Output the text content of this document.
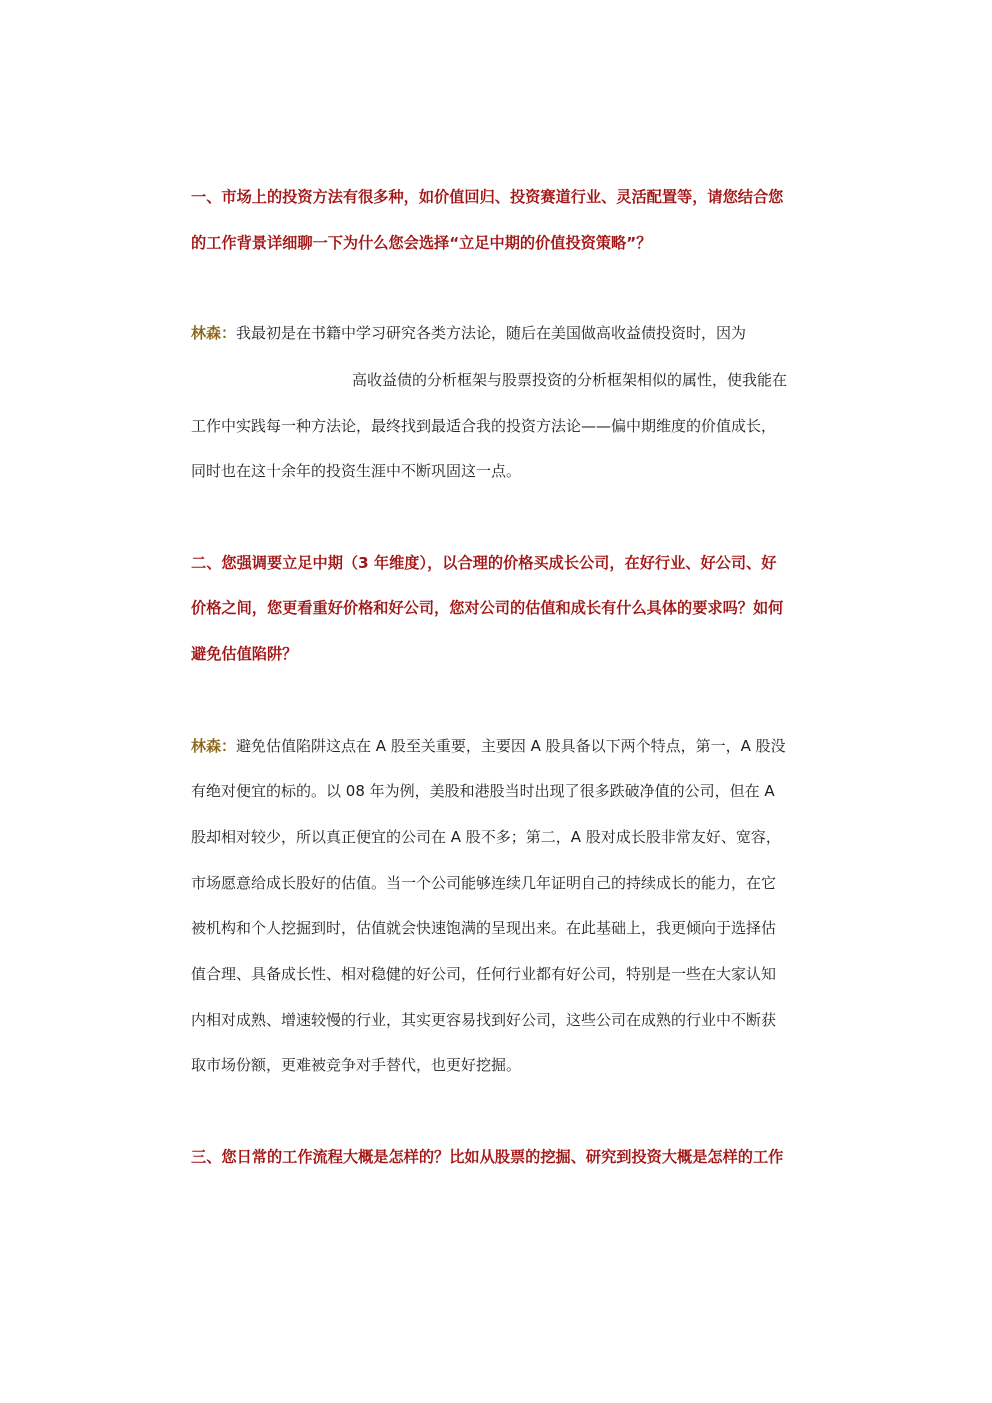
一、市场上的投资方法有很多种，如价值回归、投资赛道行业、灵活配置等，请您结合您
的工作背景详细聊一下为什么您会选择“立足中期的价值投资策略”？
林森：我最初是在书籍中学习研究各类方法论，随后在美国做高收益债投资时，因为
高收益债的分析框架与股票投资的分析框架相似的属性，使我能在
工作中实践每一种方法论，最终找到最适合我的投资方法论——偏中期维度的价值成长，
同时也在这十余年的投资生涯中不断巩固这一点。
二、您强调要立足中期（3 年维度），以合理的价格买成长公司，在好行业、好公司、好
价格之间，您更看重好价格和好公司，您对公司的估值和成长有什么具体的要求吗？如何
避免估值陷阱？
林森：避免估值陷阱这点在 A 股至关重要，主要因 A 股具备以下两个特点，第一，A 股没
有绝对便宜的标的。以 08 年为例，美股和港股当时出现了很多跌破净值的公司，但在 A
股却相对较少，所以真正便宜的公司在 A 股不多；第二，A 股对成长股非常友好、宽容，
市场愿意给成长股好的估值。当一个公司能够连续几年证明自己的持续成长的能力，在它
被机构和个人挖掘到时，估值就会快速饱满的呈现出来。在此基础上，我更倾向于选择估
值合理、具备成长性、相对稳健的好公司，任何行业都有好公司，特别是一些在大家认知
内相对成熟、增速较慢的行业，其实更容易找到好公司，这些公司在成熟的行业中不断获
取市场份额，更难被竞争对手替代，也更好挖掘。
三、您日常的工作流程大概是怎样的？比如从股票的挖掘、研究到投资大概是怎样的工作
